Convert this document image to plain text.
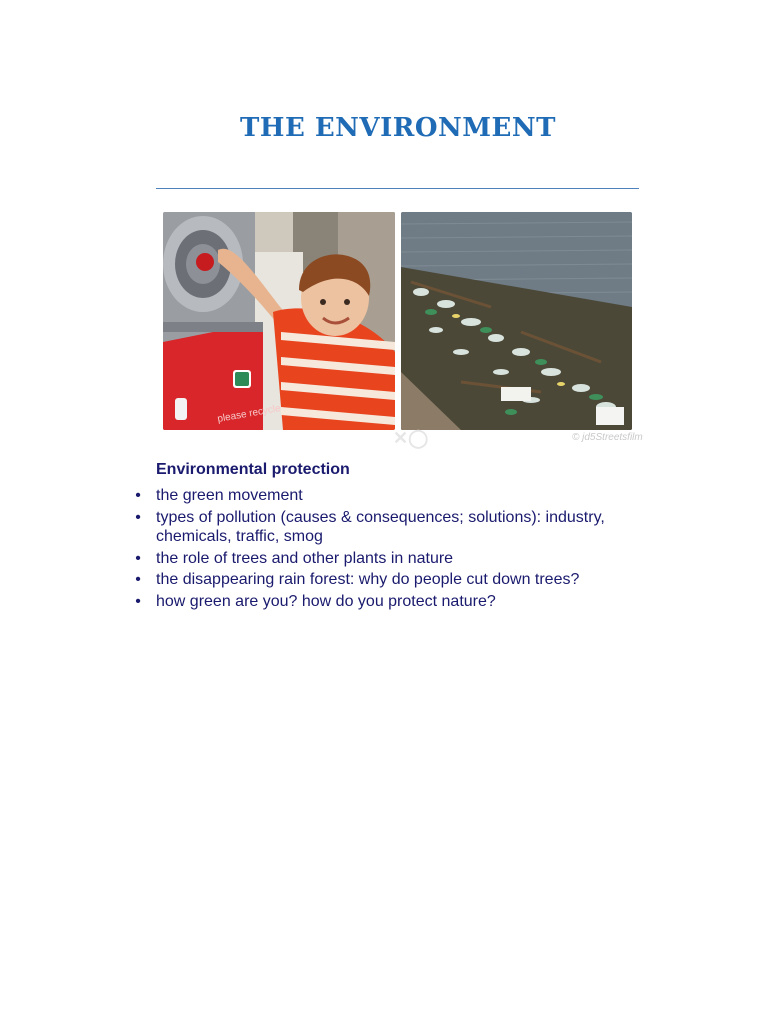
THE ENVIRONMENT
please recycle
✕◯	© jd5Streetsfilm
Environmental protection
• the green movement
• types of pollution (causes & consequences; solutions): industry, chemicals, traffic, smog
• the role of trees and other plants in nature
• the disappearing rain forest: why do people cut down trees?
• how green are you? how do you protect nature?
